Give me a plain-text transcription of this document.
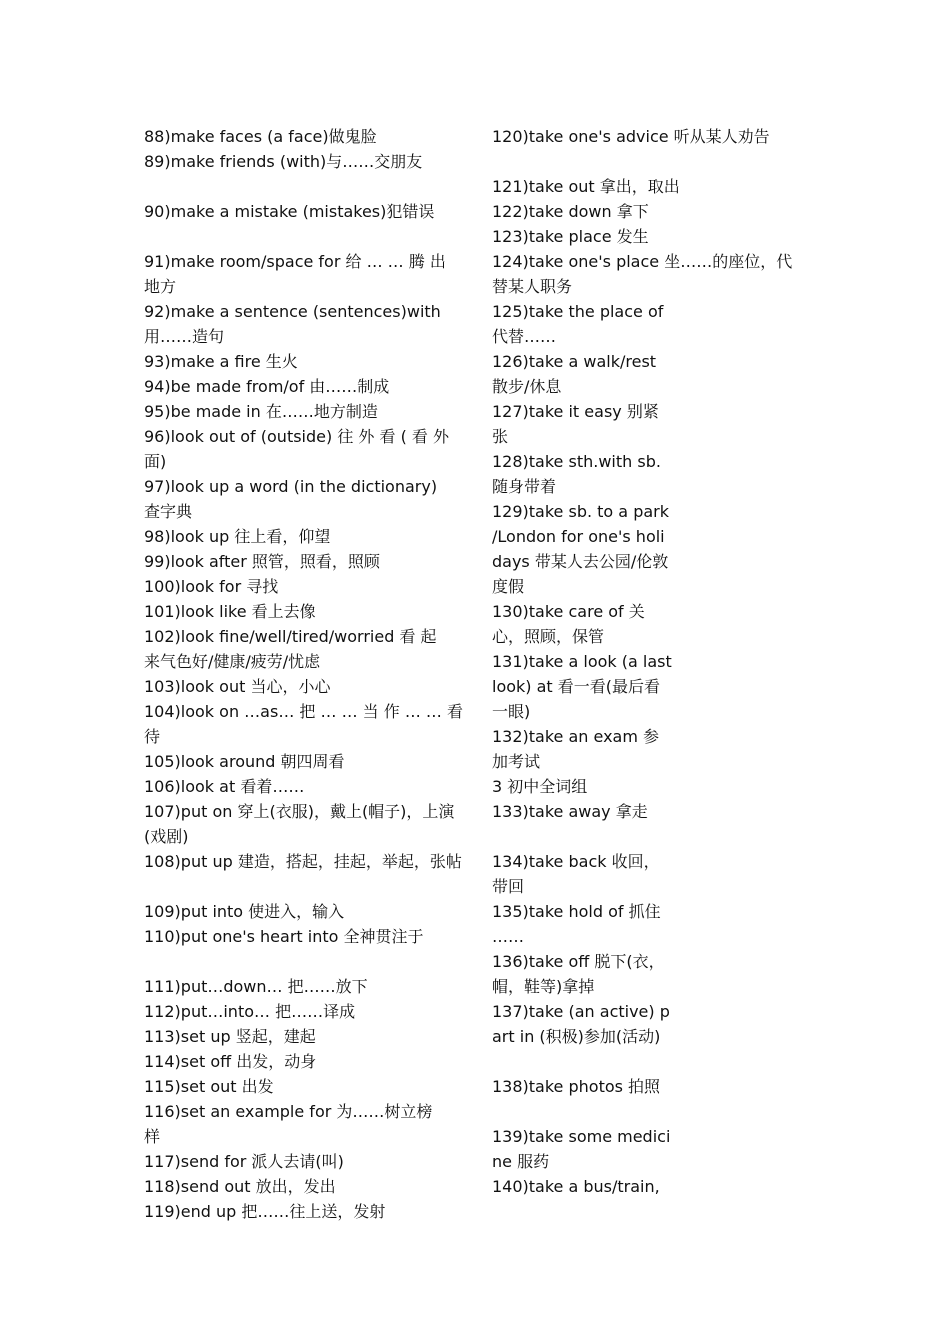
88)make faces (a face)做鬼脸
89)make friends (with)与……交朋友
90)make a mistake (mistakes)犯错误
91)make room/space for 给 … … 腾 出
地方
92)make a sentence (sentences)with
用……造句
93)make a fire 生火
94)be made from/of 由……制成
95)be made in 在……地方制造
96)look out of (outside) 往 外 看 ( 看 外
面)
97)look up a word (in the dictionary)
查字典
98)look up 往上看，仰望
99)look after 照管，照看，照顾
100)look for 寻找
101)look like 看上去像
102)look fine/well/tired/worried 看 起
来气色好/健康/疲劳/忧虑
103)look out 当心，小心
104)look on …as… 把 … … 当 作 … … 看
待
105)look around 朝四周看
106)look at 看着……
107)put on 穿上(衣服)，戴上(帽子)，上演
(戏剧)
108)put up 建造，搭起，挂起，举起，张帖
109)put into 使进入，输入
110)put one's heart into 全神贯注于
111)put…down… 把……放下
112)put…into… 把……译成
113)set up 竖起，建起
114)set off 出发，动身
115)set out 出发
116)set an example for 为……树立榜
样
117)send for 派人去请(叫)
118)send out 放出，发出
119)end up 把……往上送，发射
120)take one's advice 听从某人劝告
121)take out 拿出，取出
122)take down 拿下
123)take place 发生
124)take one's place 坐……的座位，代
替某人职务
125)take the place of
代替……
126)take a walk/rest
散步/休息
127)take it easy 别紧
张
128)take sth.with sb.
随身带着
129)take sb. to a park
/London for one's holi
days 带某人去公园/伦敦
度假
130)take care of 关
心，照顾，保管
131)take a look (a last
look) at 看一看(最后看
一眼)
132)take an exam 参
加考试
3 初中全词组
133)take away 拿走
134)take back 收回，
带回
135)take hold of 抓住
……
136)take off 脱下(衣，
帽，鞋等)拿掉
137)take (an active) p
art in (积极)参加(活动)
138)take photos 拍照
139)take some medici
ne 服药
140)take a bus/train,
